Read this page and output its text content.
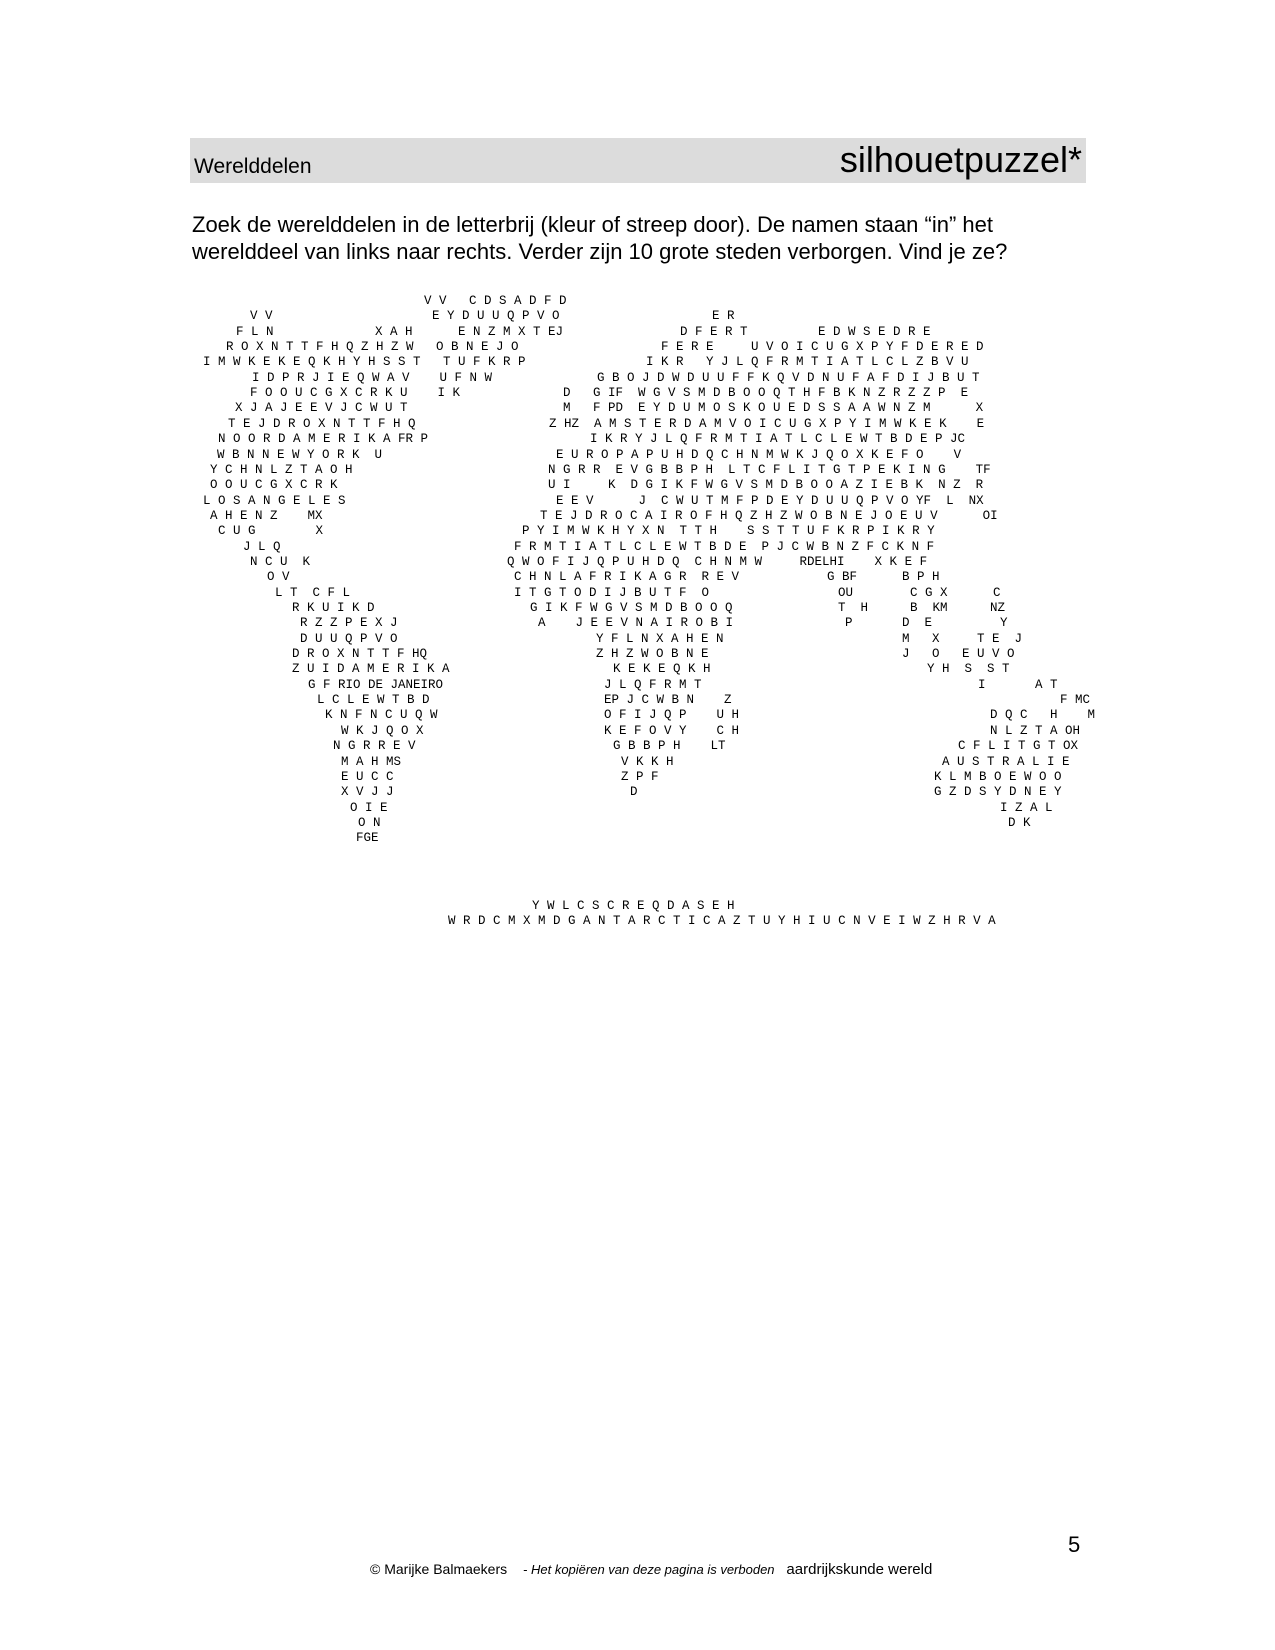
Werelddelen	silhouetpuzzel*

Zoek de werelddelen in de letterbrij (kleur of streep door). De namen staan “in” het

werelddeel van links naar rechts. Verder zijn 10 grote steden verborgen. Vind je ze?

V V   C D S A D F D
V V	E Y D U U Q P V O	E R
F L N	X A H	E N Z M X T EJ	D F E R T	E D W S E D R E
R O X N T T F H Q Z H Z W   O B N E J O	F E R E     U V O I C U G X P Y F D E R E D
I M W K E K E Q K H Y H S S T   T U F K R P	I K R   Y J L Q F R M T I A T L C L Z B V U
I D P R J I E Q W A V    U F N W	G B O J D W D U U F F K Q V D N U F A F D I J B U T
F O O U C G X C R K U    I K	D   G IF  W G V S M D B O O Q T H F B K N Z R Z Z P  E
X J A J E E V J C W U T	M   F PD  E Y D U M O S K O U E D S S A A W N Z M      X
T E J D R O X N T T F H Q	Z HZ  A M S T E R D A M V O I C U G X P Y I M W K E K    E
N O O R D A M E R I K A FR P	I K R Y J L Q F R M T I A T L C L E W T B D E P JC
W B N N E W Y O R K  U	E U R O P A P U H D Q C H N M W K J Q O X K E F O    V
Y C H N L Z T A O H	N G R R  E V G B B P H  L T C F L I T G T P E K I N G    TF
O O U C G X C R K	U I     K  D G I K F W G V S M D B O O A Z I E B K  N Z  R
L O S A N G E L E S	E E V      J  C W U T M F P D E Y D U U Q P V O YF  L  NX
A H E N Z    MX	T E J D R O C A I R O F H Q Z H Z W O B N E J O E U V      OI
C U G        X	P Y I M W K H Y X N  T T H    S S T T U F K R P I K R Y
J L Q	F R M T I A T L C L E W T B D E  P J C W B N Z F C K N F
N C U  K	Q W O F I J Q P U H D Q  C H N M W     RDELHI    X K E F
O V	C H N L A F R I K A G R  R E V	G BF	B P H
L T  C F L	I T G T O D I J B U T F  O	OU	C G X	C
R K U I K D	G I K F W G V S M D B O O Q	T  H	B  KM	NZ
R Z Z P E X J	A    J E E V N A I R O B I	P	D  E	Y
D U U Q P V O	Y F L N X A H E N	M   X     T E  J
D R O X N T T F HQ	Z H Z W O B N E	J   O   E U V O
Z U I D A M E R I K A	K E K E Q K H	Y H  S  S T
G F RIO DE JANEIRO	J L Q F R M T	I	A T
L C L E W T B D	EP J C W B N    Z	F MC
K N F N C U Q W	O F I J Q P    U H	D Q C   H    M
W K J Q O X	K E F O V Y    C H	N L Z T A OH
N G R R E V	G B B P H    LT	C F L I T G T OX
M A H MS	V K K H	A U S T R A L I E
E U C C	Z P F	K L M B O E W O O
X V J J	D	G Z D S Y D N E Y
O I E	I Z A L
O N	D K
FGE
Y W L C S C R E Q D A S E H
W R D C M X M D G A N T A R C T I C A Z T U Y H I U C N V E I W Z H R V A
5
© Marijke Balmaekers - Het kopiëren van deze pagina is verboden aardrijkskunde wereld
